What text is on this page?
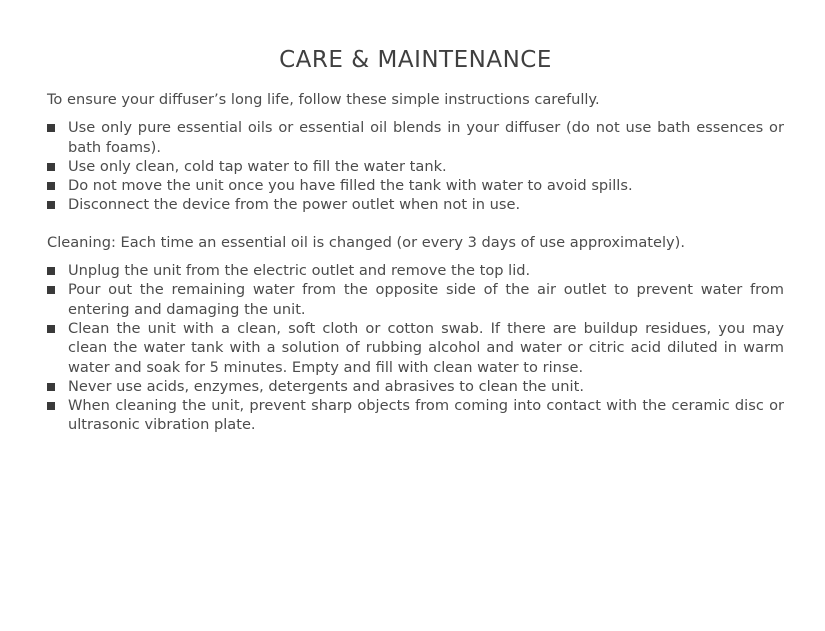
CARE & MAINTENANCE

To ensure your diffuser’s long life, follow these simple instructions carefully.

Use only pure essential oils or essential oil blends in your diffuser (do not use bath essences or bath foams).
Use only clean, cold tap water to fill the water tank.
Do not move the unit once you have filled the tank with water to avoid spills.
Disconnect the device from the power outlet when not in use.

Cleaning: Each time an essential oil is changed (or every 3 days of use approximately).

Unplug the unit from the electric outlet and remove the top lid.
Pour out the remaining water from the opposite side of the air outlet to prevent water from entering and damaging the unit.
Clean the unit with a clean, soft cloth or cotton swab. If there are buildup residues, you may clean the water tank with a solution of rubbing alcohol and water or citric acid diluted in warm water and soak for 5 minutes. Empty and fill with clean water to rinse.
Never use acids, enzymes, detergents and abrasives to clean the unit.
When cleaning the unit, prevent sharp objects from coming into contact with the ceramic disc or ultrasonic vibration plate.
